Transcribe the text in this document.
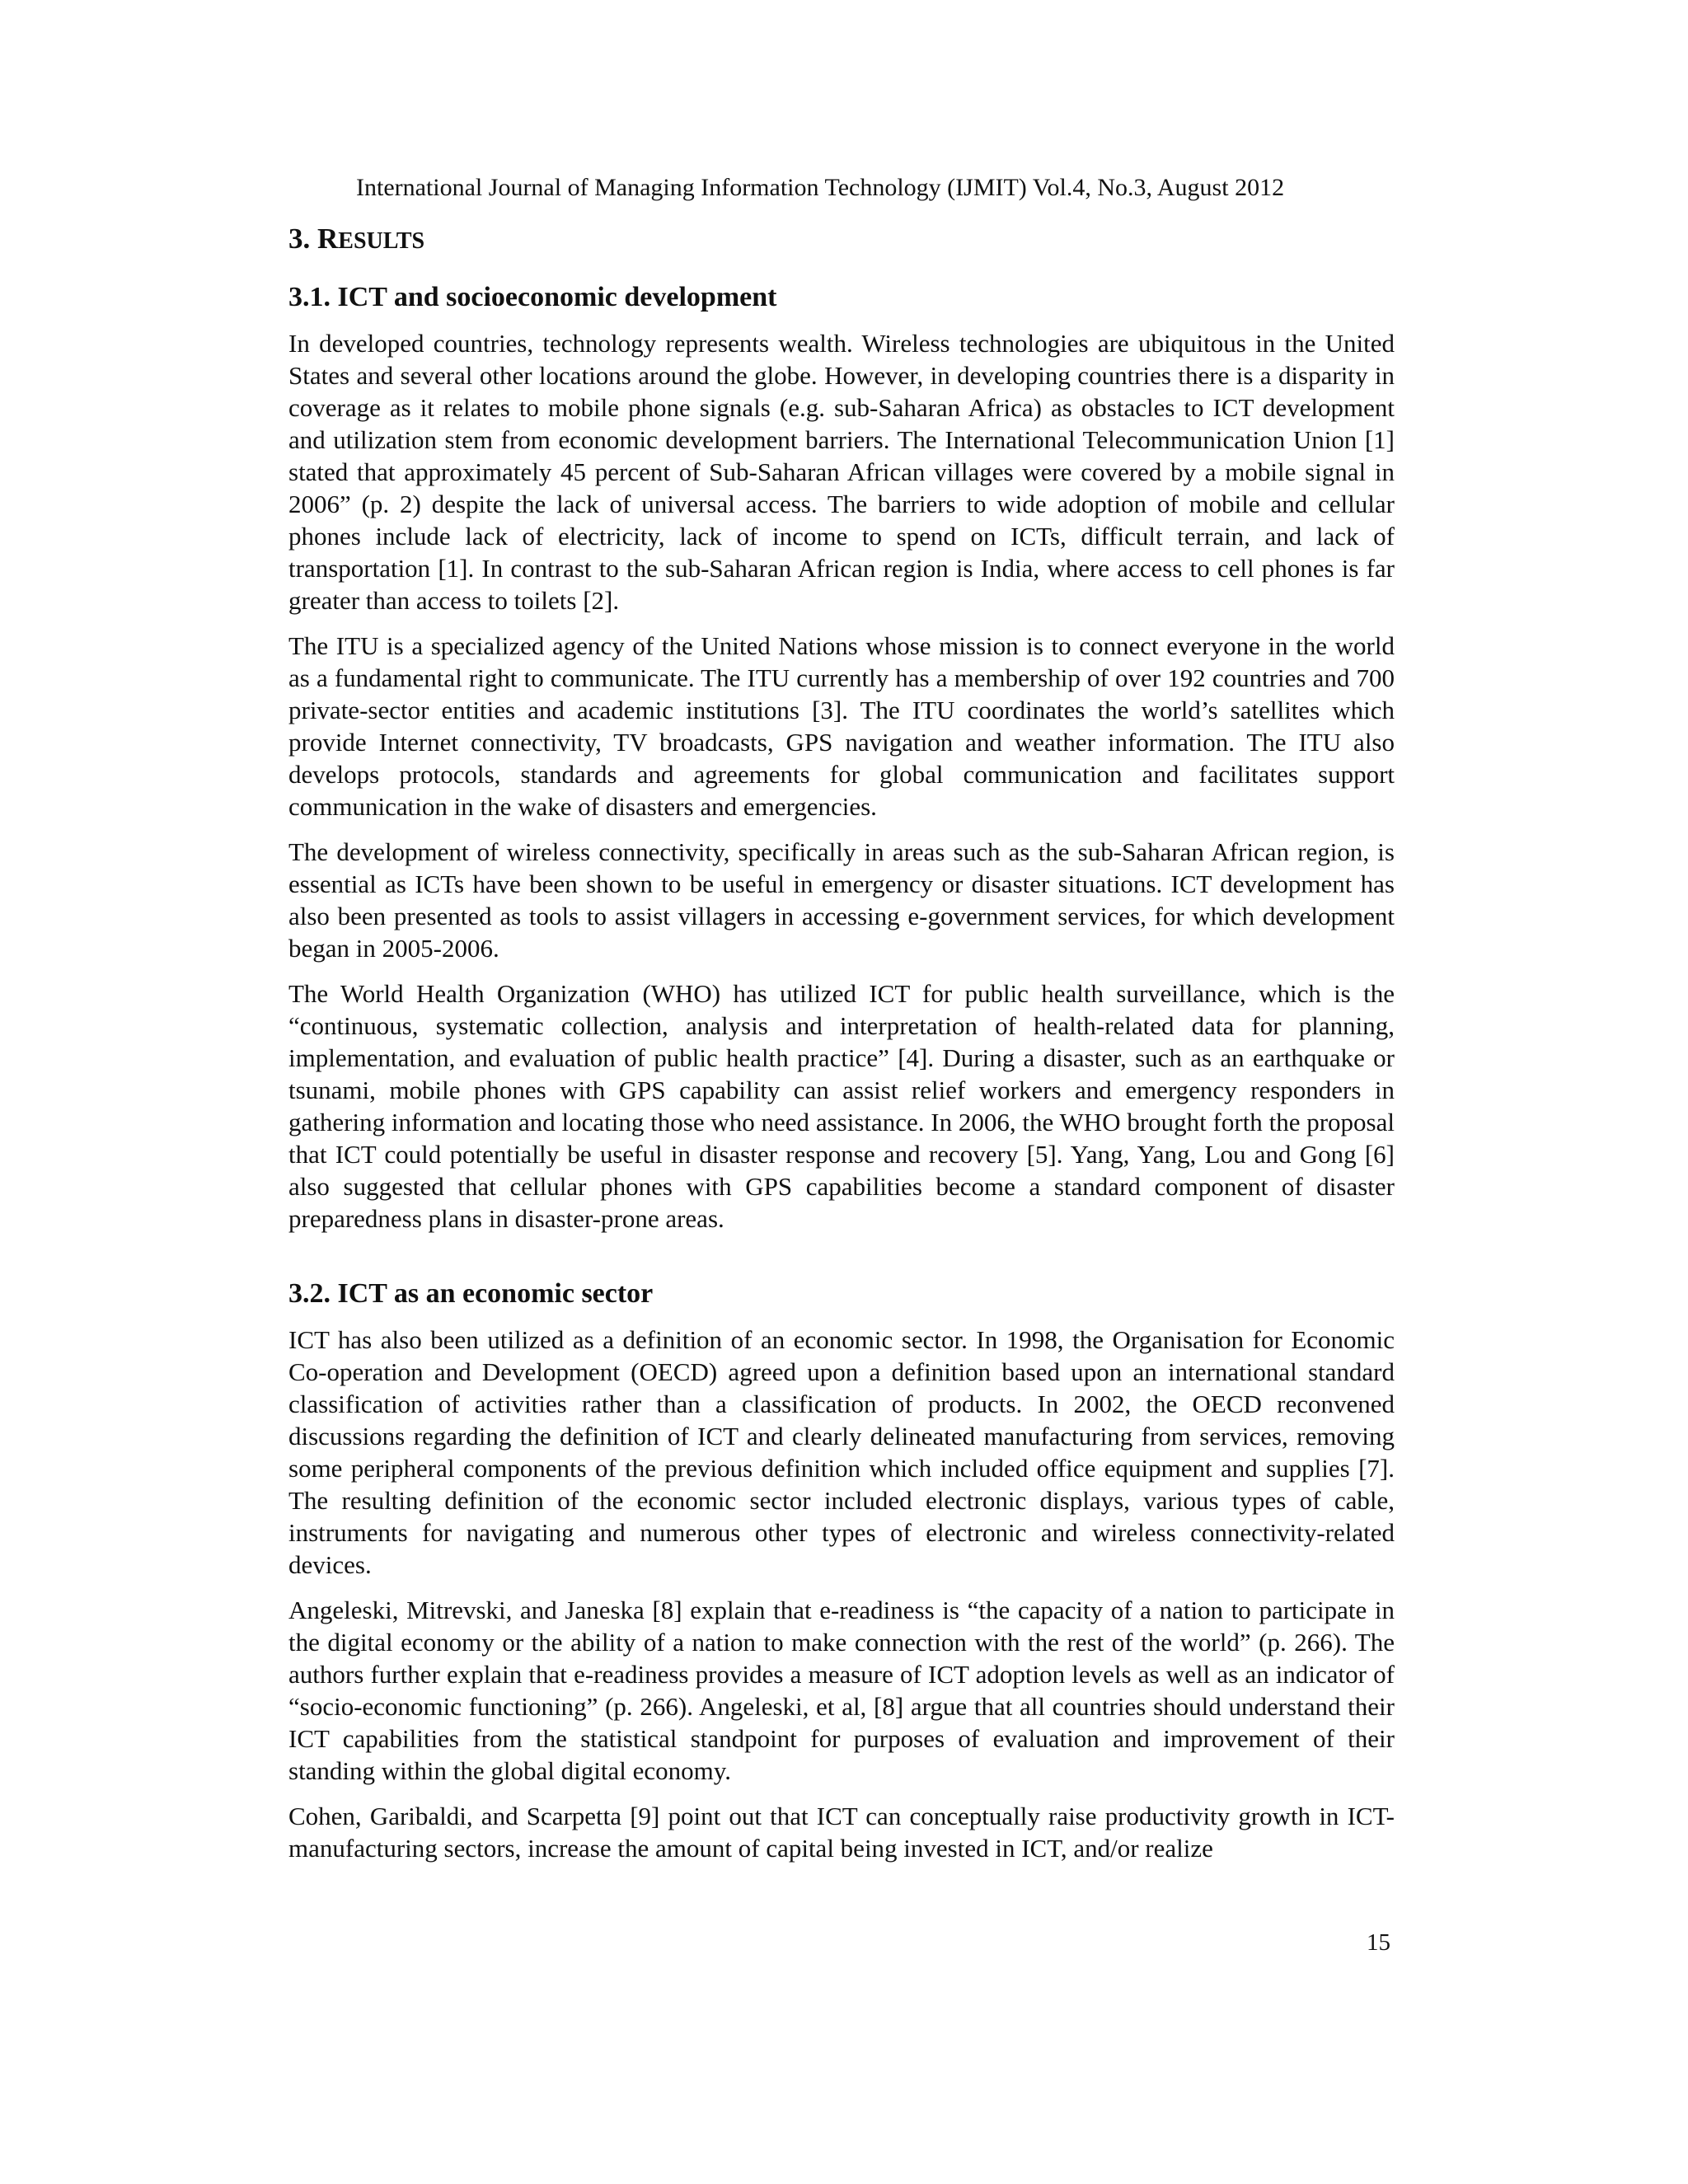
International Journal of Managing Information Technology (IJMIT) Vol.4, No.3, August 2012
3. RESULTS
3.1. ICT and socioeconomic development

In developed countries, technology represents wealth. Wireless technologies are ubiquitous in the United States and several other locations around the globe. However, in developing countries there is a disparity in coverage as it relates to mobile phone signals (e.g. sub-Saharan Africa) as obstacles to ICT development and utilization stem from economic development barriers. The International Telecommunication Union [1] stated that approximately 45 percent of Sub-Saharan African villages were covered by a mobile signal in 2006” (p. 2) despite the lack of universal access. The barriers to wide adoption of mobile and cellular phones include lack of electricity, lack of income to spend on ICTs, difficult terrain, and lack of transportation [1]. In contrast to the sub-Saharan African region is India, where access to cell phones is far greater than access to toilets [2].

The ITU is a specialized agency of the United Nations whose mission is to connect everyone in the world as a fundamental right to communicate. The ITU currently has a membership of over 192 countries and 700 private-sector entities and academic institutions [3]. The ITU coordinates the world’s satellites which provide Internet connectivity, TV broadcasts, GPS navigation and weather information. The ITU also develops protocols, standards and agreements for global communication and facilitates support communication in the wake of disasters and emergencies.

The development of wireless connectivity, specifically in areas such as the sub-Saharan African region, is essential as ICTs have been shown to be useful in emergency or disaster situations. ICT development has also been presented as tools to assist villagers in accessing e-government services, for which development began in 2005-2006.

The World Health Organization (WHO) has utilized ICT for public health surveillance, which is the “continuous, systematic collection, analysis and interpretation of health-related data for planning, implementation, and evaluation of public health practice” [4]. During a disaster, such as an earthquake or tsunami, mobile phones with GPS capability can assist relief workers and emergency responders in gathering information and locating those who need assistance. In 2006, the WHO brought forth the proposal that ICT could potentially be useful in disaster response and recovery [5]. Yang, Yang, Lou and Gong [6] also suggested that cellular phones with GPS capabilities become a standard component of disaster preparedness plans in disaster-prone areas.

3.2. ICT as an economic sector

ICT has also been utilized as a definition of an economic sector. In 1998, the Organisation for Economic Co-operation and Development (OECD) agreed upon a definition based upon an international standard classification of activities rather than a classification of products. In 2002, the OECD reconvened discussions regarding the definition of ICT and clearly delineated manufacturing from services, removing some peripheral components of the previous definition which included office equipment and supplies [7]. The resulting definition of the economic sector included electronic displays, various types of cable, instruments for navigating and numerous other types of electronic and wireless connectivity-related devices.

Angeleski, Mitrevski, and Janeska [8] explain that e-readiness is “the capacity of a nation to participate in the digital economy or the ability of a nation to make connection with the rest of the world” (p. 266). The authors further explain that e-readiness provides a measure of ICT adoption levels as well as an indicator of “socio-economic functioning” (p. 266). Angeleski, et al, [8] argue that all countries should understand their ICT capabilities from the statistical standpoint for purposes of evaluation and improvement of their standing within the global digital economy.

Cohen, Garibaldi, and Scarpetta [9] point out that ICT can conceptually raise productivity growth in ICT-manufacturing sectors, increase the amount of capital being invested in ICT, and/or realize

15
